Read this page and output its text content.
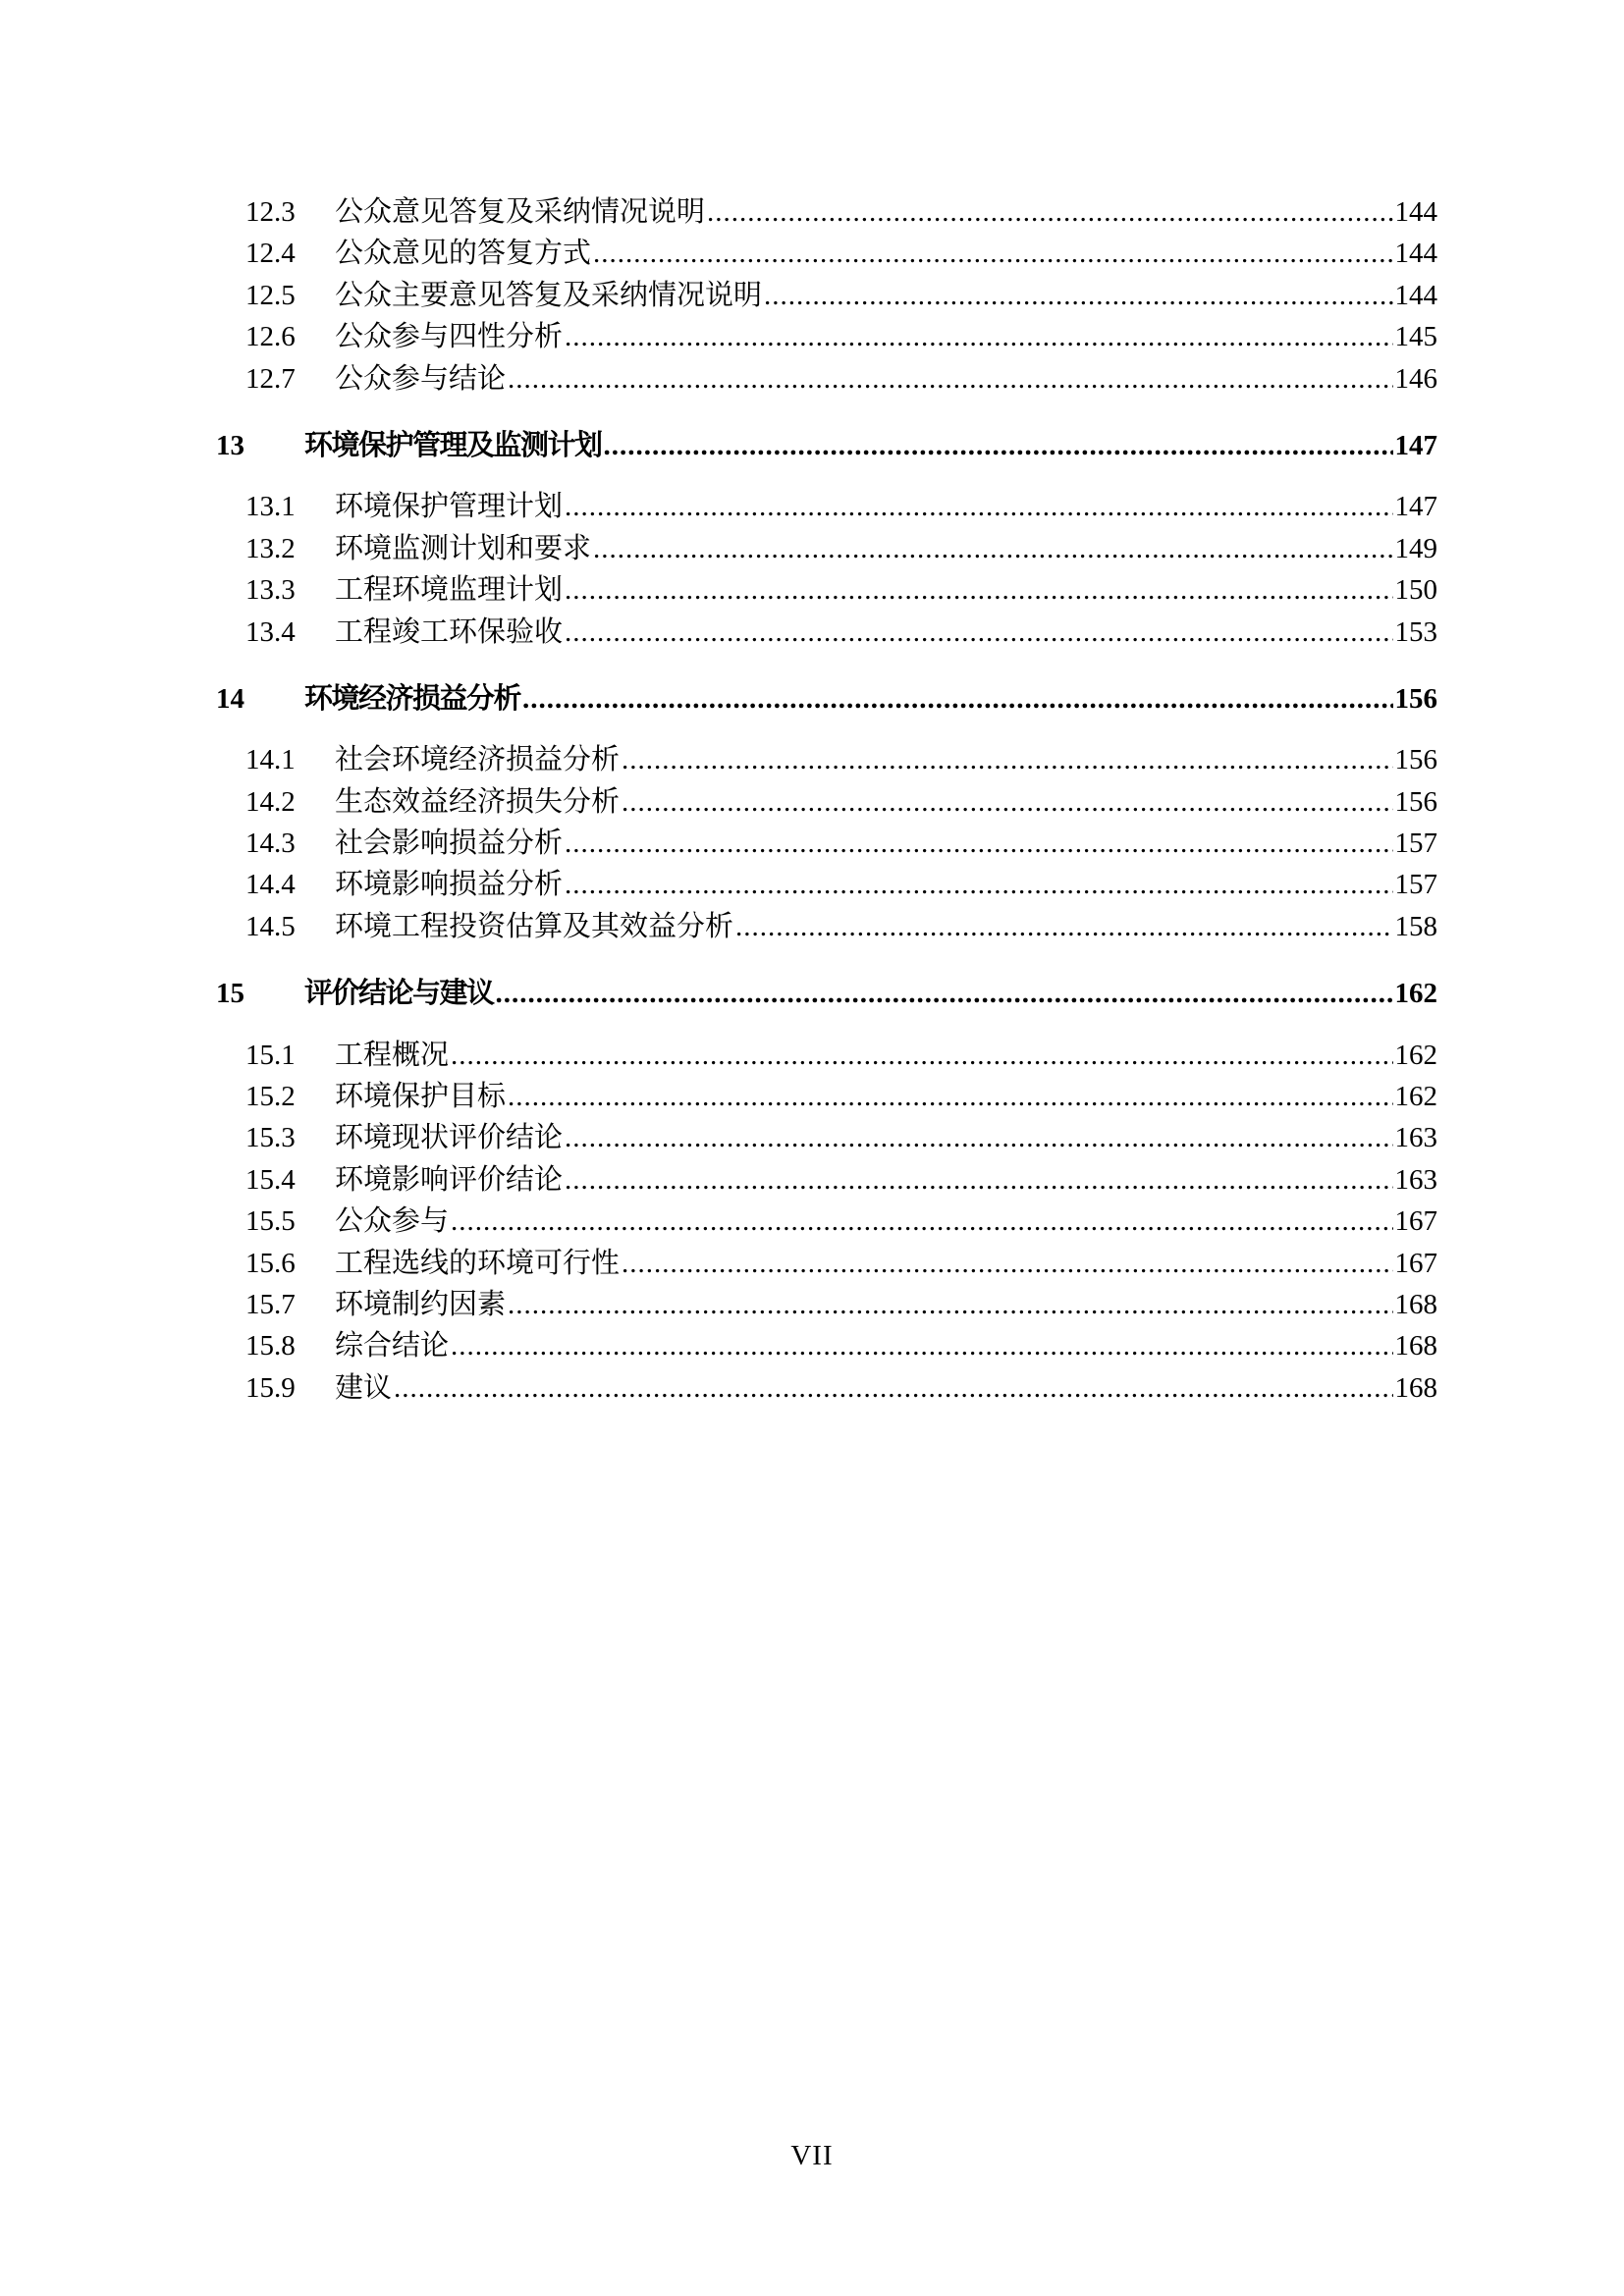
12.3	公众意见答复及采纳情况说明 .....	144
12.4	公众意见的答复方式 .....	144
12.5	公众主要意见答复及采纳情况说明 .....	144
12.6	公众参与四性分析 .....	145
12.7	公众参与结论 .....	146
13	环境保护管理及监测计划 .....	147
13.1	环境保护管理计划 .....	147
13.2	环境监测计划和要求 .....	149
13.3	工程环境监理计划 .....	150
13.4	工程竣工环保验收 .....	153
14	环境经济损益分析 .....	156
14.1	社会环境经济损益分析 .....	156
14.2	生态效益经济损失分析 .....	156
14.3	社会影响损益分析 .....	157
14.4	环境影响损益分析 .....	157
14.5	环境工程投资估算及其效益分析 .....	158
15	评价结论与建议 .....	162
15.1	工程概况 .....	162
15.2	环境保护目标 .....	162
15.3	环境现状评价结论 .....	163
15.4	环境影响评价结论 .....	163
15.5	公众参与 .....	167
15.6	工程选线的环境可行性 .....	167
15.7	环境制约因素 .....	168
15.8	综合结论 .....	168
15.9	建议 .....	168
VII
